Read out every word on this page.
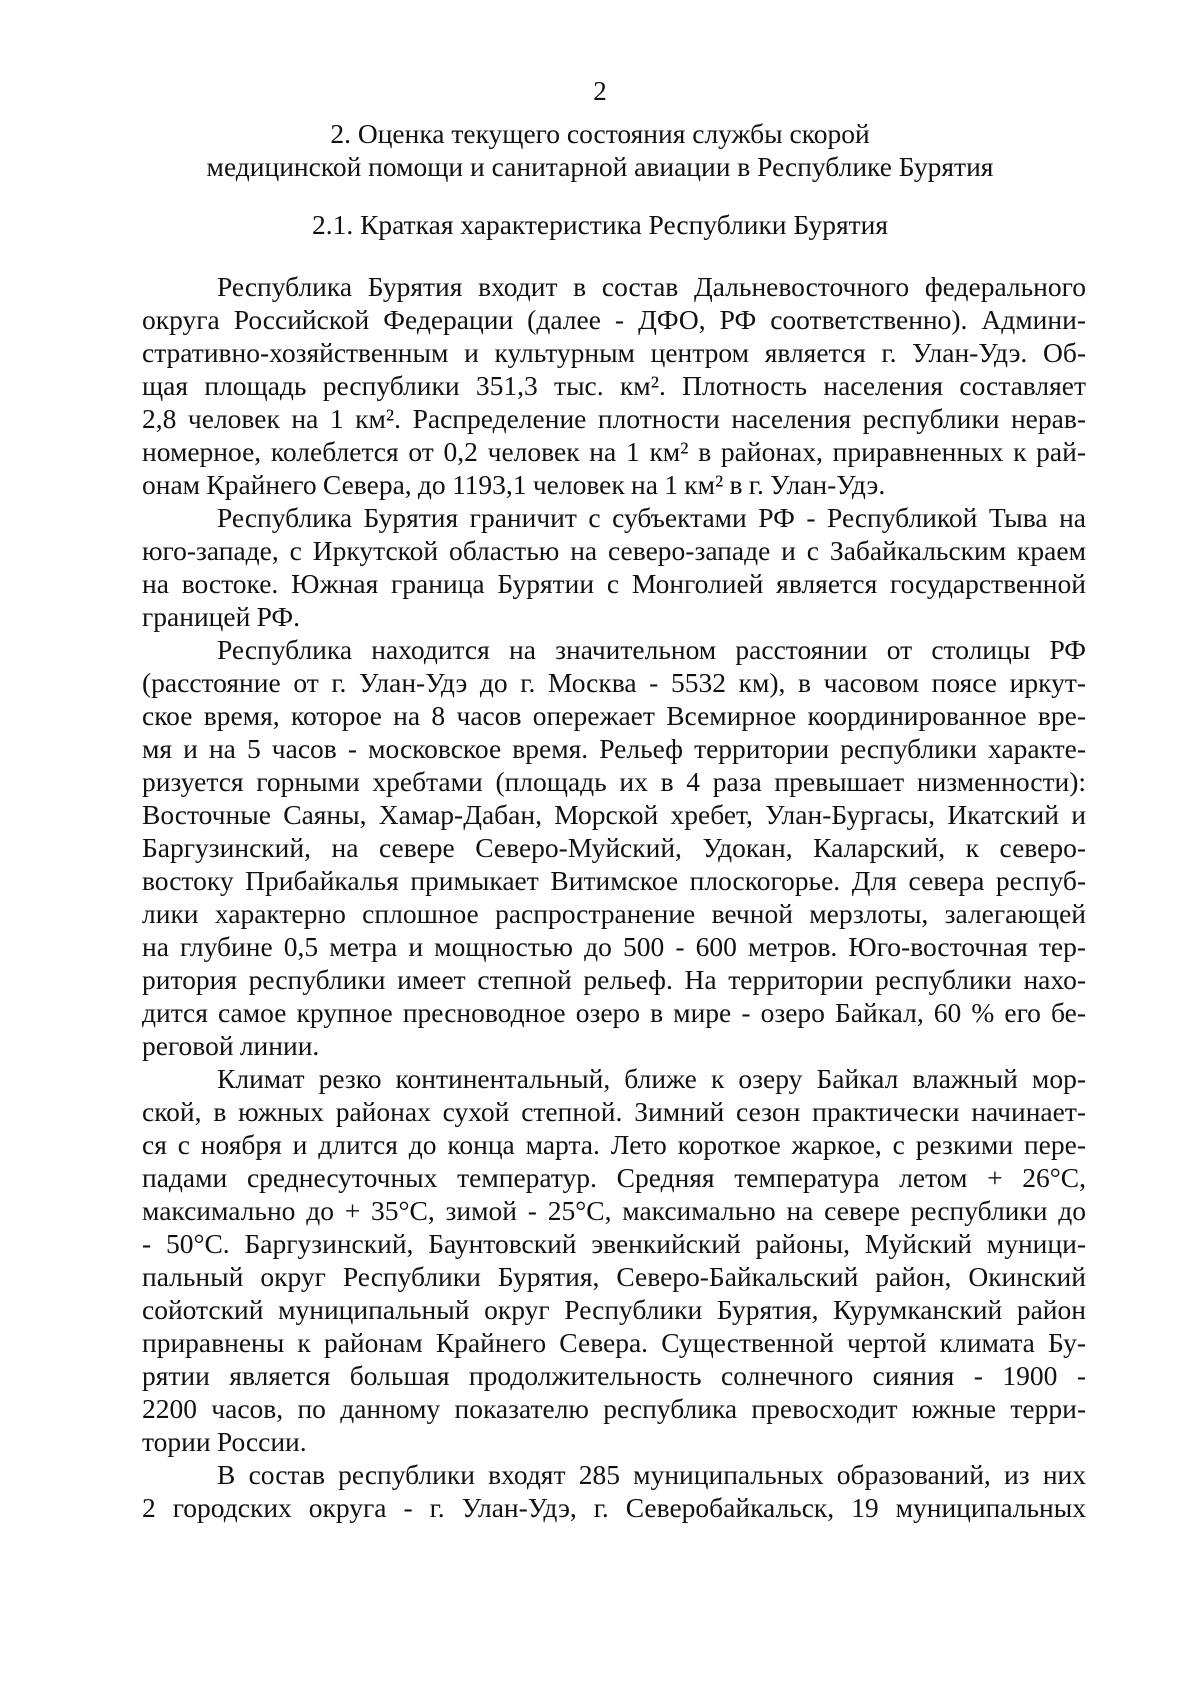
2
2. Оценка текущего состояния службы скорой
медицинской помощи и санитарной авиации в Республике Бурятия
2.1. Краткая характеристика Республики Бурятия
Республика Бурятия входит в состав Дальневосточного федерального
округа Российской Федерации (далее - ДФО, РФ соответственно). Админи-
стративно-хозяйственным и культурным центром является г. Улан-Удэ. Об-
щая площадь республики 351,3 тыс. км². Плотность населения составляет
2,8 человек на 1 км². Распределение плотности населения республики нерав-
номерное, колеблется от 0,2 человек на 1 км² в районах, приравненных к рай-
онам Крайнего Севера, до 1193,1 человек на 1 км² в г. Улан-Удэ.
Республика Бурятия граничит с субъектами РФ - Республикой Тыва на
юго-западе, с Иркутской областью на северо-западе и с Забайкальским краем
на востоке. Южная граница Бурятии с Монголией является государственной
границей РФ.
Республика находится на значительном расстоянии от столицы РФ
(расстояние от г. Улан-Удэ до г. Москва - 5532 км), в часовом поясе иркут-
ское время, которое на 8 часов опережает Всемирное координированное вре-
мя и на 5 часов - московское время. Рельеф территории республики характе-
ризуется горными хребтами (площадь их в 4 раза превышает низменности):
Восточные Саяны, Хамар-Дабан, Морской хребет, Улан-Бургасы, Икатский и
Баргузинский, на севере Северо-Муйский, Удокан, Каларский, к северо-
востоку Прибайкалья примыкает Витимское плоскогорье. Для севера респуб-
лики характерно сплошное распространение вечной мерзлоты, залегающей
на глубине 0,5 метра и мощностью до 500 - 600 метров. Юго-восточная тер-
ритория республики имеет степной рельеф. На территории республики нахо-
дится самое крупное пресноводное озеро в мире - озеро Байкал, 60 % его бе-
реговой линии.
Климат резко континентальный, ближе к озеру Байкал влажный мор-
ской, в южных районах сухой степной. Зимний сезон практически начинает-
ся с ноября и длится до конца марта. Лето короткое жаркое, с резкими пере-
падами среднесуточных температур. Средняя температура летом + 26°С,
максимально до + 35°С, зимой - 25°С, максимально на севере республики до
- 50°С. Баргузинский, Баунтовский эвенкийский районы, Муйский муници-
пальный округ Республики Бурятия, Северо-Байкальский район, Окинский
сойотский муниципальный округ Республики Бурятия, Курумканский район
приравнены к районам Крайнего Севера. Существенной чертой климата Бу-
рятии является большая продолжительность солнечного сияния - 1900 -
2200 часов, по данному показателю республика превосходит южные терри-
тории России.
В состав республики входят 285 муниципальных образований, из них
2 городских округа - г. Улан-Удэ, г. Северобайкальск, 19 муниципальных
